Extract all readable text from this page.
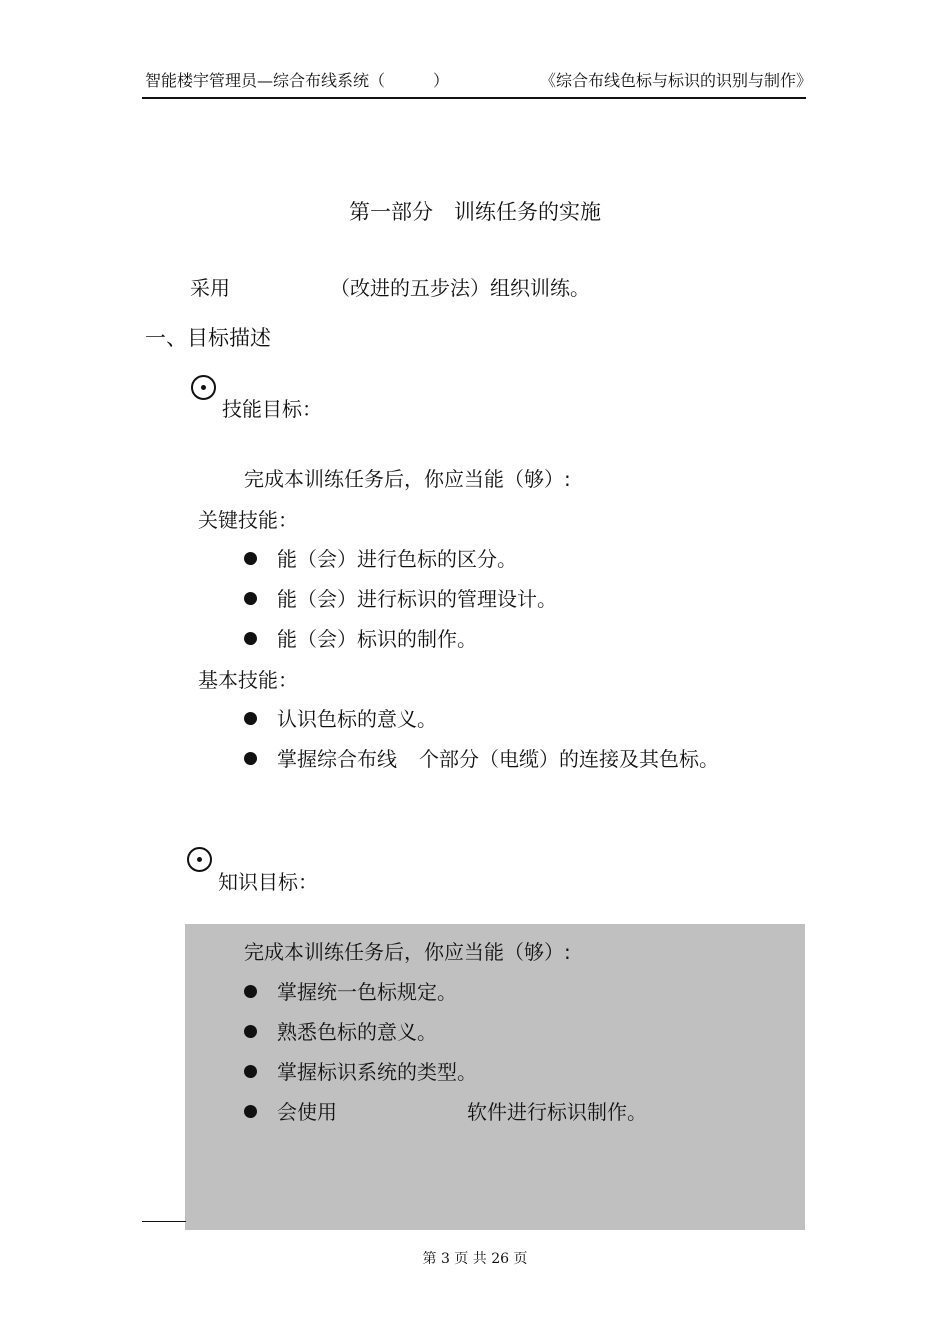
智能楼宇管理员—综合布线系统（　　　）	《综合布线色标与标识的识别与制作》
第一部分　训练任务的实施
采用	（改进的五步法）组织训练。
一、目标描述
技能目标：
完成本训练任务后，你应当能（够）:
关键技能：
能（会）进行色标的区分。
能（会）进行标识的管理设计。
能（会）标识的制作。
基本技能：
认识色标的意义。
掌握综合布线 个部分（电缆）的连接及其色标。
知识目标：
完成本训练任务后，你应当能（够）:
掌握统一色标规定。
熟悉色标的意义。
掌握标识系统的类型。
会使用	软件进行标识制作。
第 3 页 共 26 页
